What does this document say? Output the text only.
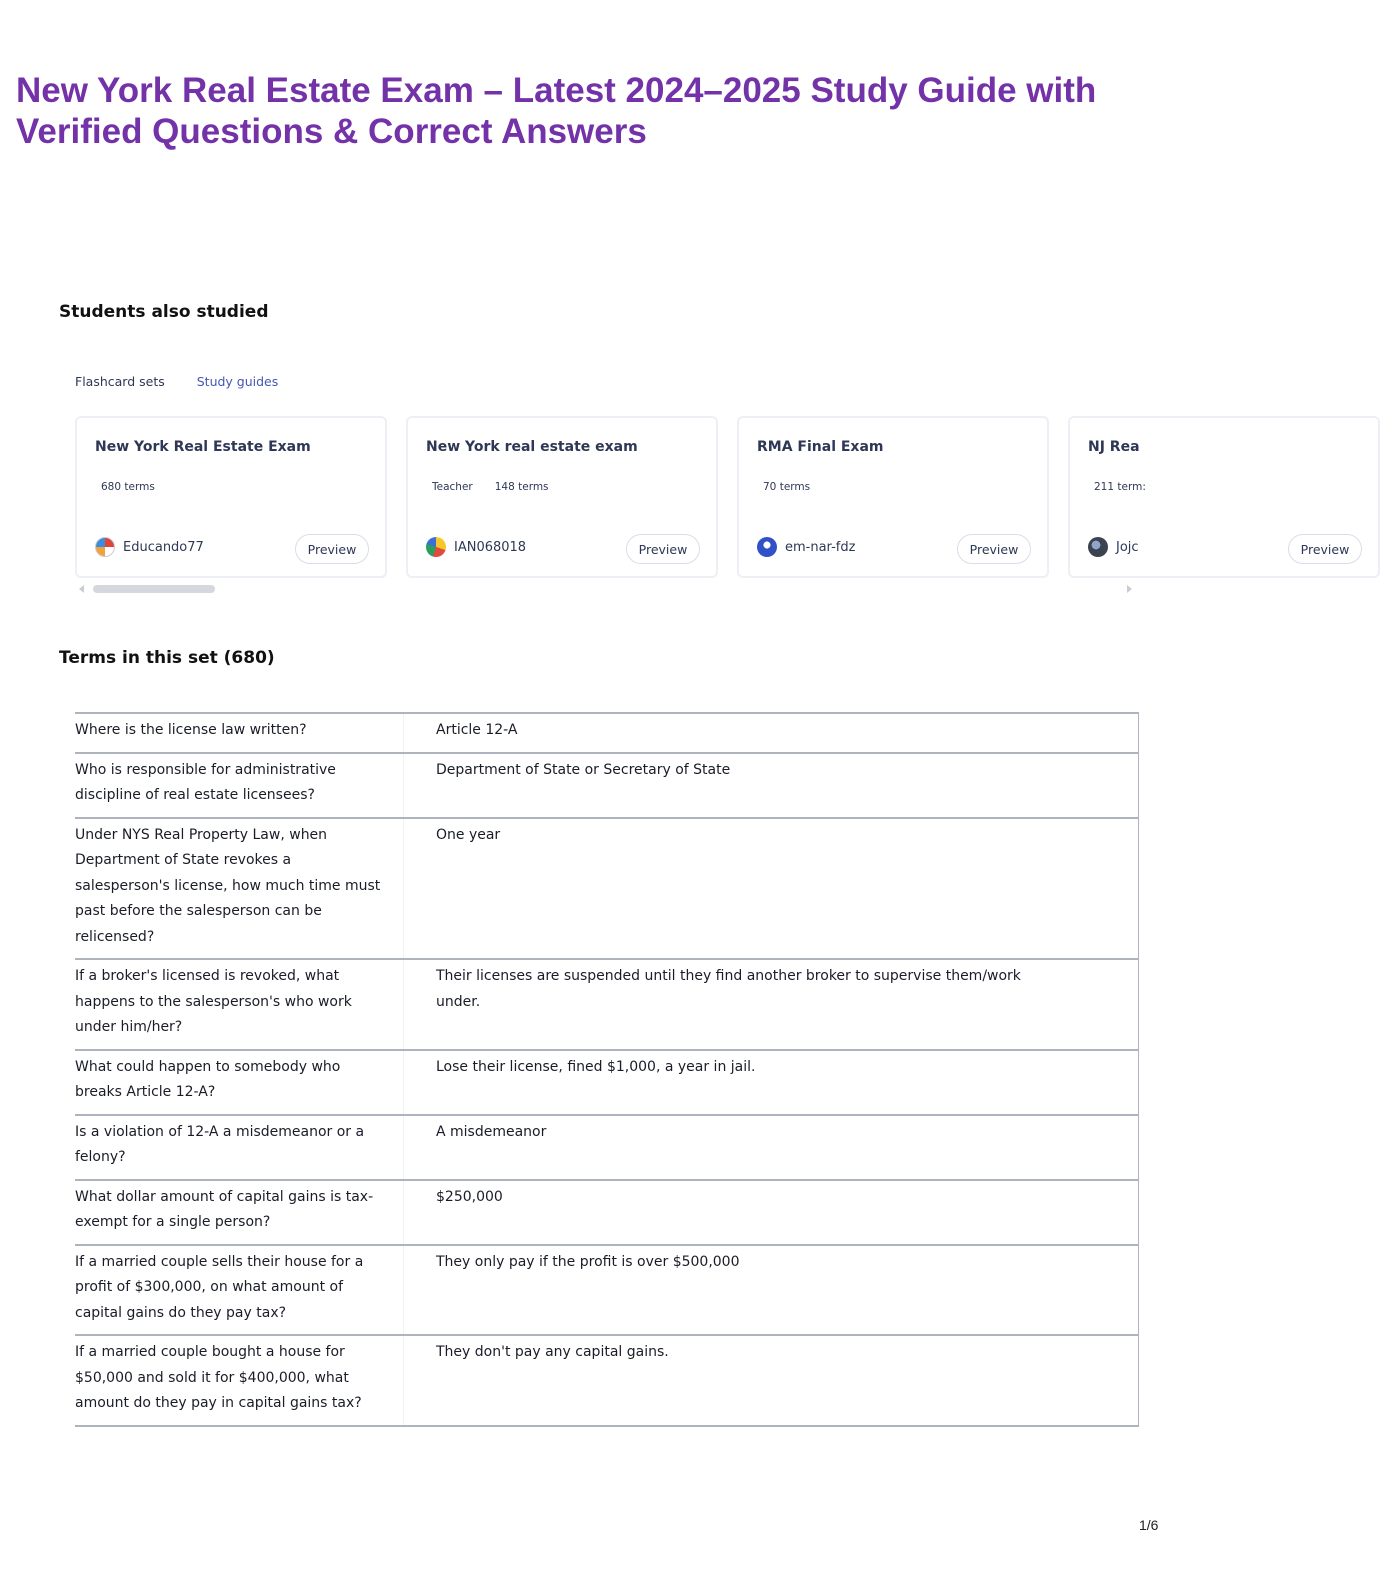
New York Real Estate Exam – Latest 2024–2025 Study Guide with Verified Questions & Correct Answers
Students also studied
Flashcard sets	Study guides
New York Real Estate Exam
680 terms
Educando77	Preview
New York real estate exam
Teacher 148 terms
IAN068018	Preview
RMA Final Exam
70 terms
em-nar-fdz	Preview
NJ Rea
211 term:
Jojc	Preview
Terms in this set (680)
Where is the license law written?	Article 12-A
Who is responsible for administrative discipline of real estate licensees?	Department of State or Secretary of State
Under NYS Real Property Law, when Department of State revokes a salesperson's license, how much time must past before the salesperson can be relicensed?	One year
If a broker's licensed is revoked, what happens to the salesperson's who work under him/her?	Their licenses are suspended until they find another broker to supervise them/work under.
What could happen to somebody who breaks Article 12-A?	Lose their license, fined $1,000, a year in jail.
Is a violation of 12-A a misdemeanor or a felony?	A misdemeanor
What dollar amount of capital gains is tax-exempt for a single person?	$250,000
If a married couple sells their house for a profit of $300,000, on what amount of capital gains do they pay tax?	They only pay if the profit is over $500,000
If a married couple bought a house for $50,000 and sold it for $400,000, what amount do they pay in capital gains tax?	They don't pay any capital gains.
1/6
